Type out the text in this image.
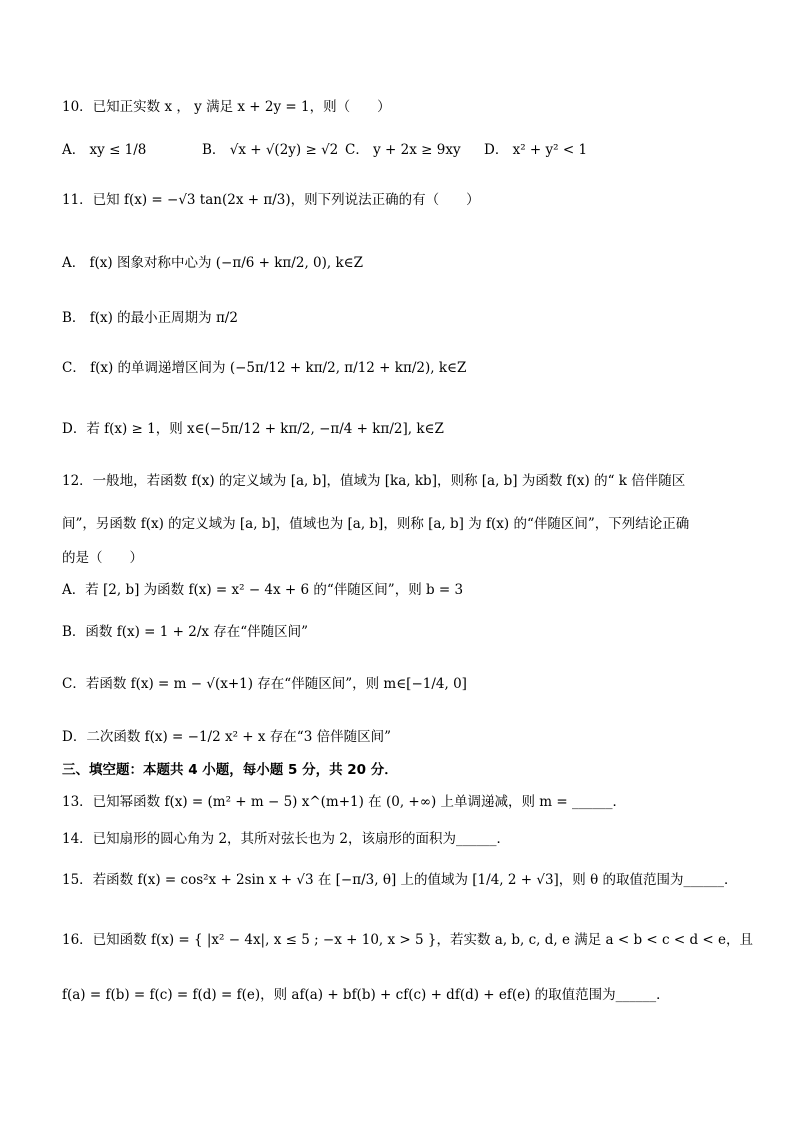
10．已知正实数 x ， y 满足 x + 2y = 1，则（　　）
A． xy ≤ 1/8	B． √x + √(2y) ≥ √2 C． y + 2x ≥ 9xy D． x² + y² < 1
11．已知 f(x) = −√3 tan(2x + π/3)，则下列说法正确的有（　　）
A． f(x) 图象对称中心为 (−π/6 + kπ/2, 0), k∈Z
B． f(x) 的最小正周期为 π/2
C． f(x) 的单调递增区间为 (−5π/12 + kπ/2, π/12 + kπ/2), k∈Z
D．若 f(x) ≥ 1，则 x∈(−5π/12 + kπ/2, −π/4 + kπ/2], k∈Z
12．一般地，若函数 f(x) 的定义域为 [a, b]，值域为 [ka, kb]，则称 [a, b] 为函数 f(x) 的“ k 倍伴随区
间”，另函数 f(x) 的定义域为 [a, b]，值域也为 [a, b]，则称 [a, b] 为 f(x) 的“伴随区间”，下列结论正确
的是（　　）
A．若 [2, b] 为函数 f(x) = x² − 4x + 6 的“伴随区间”，则 b = 3
B．函数 f(x) = 1 + 2/x 存在“伴随区间”
C．若函数 f(x) = m − √(x+1) 存在“伴随区间”，则 m∈[−1/4, 0]
D．二次函数 f(x) = −1/2 x² + x 存在“3 倍伴随区间”
三、填空题：本题共 4 小题，每小题 5 分，共 20 分．
13．已知幂函数 f(x) = (m² + m − 5) x^(m+1) 在 (0, +∞) 上单调递减，则 m = ______．
14．已知扇形的圆心角为 2，其所对弦长也为 2，该扇形的面积为______．
15．若函数 f(x) = cos²x + 2sin x + √3 在 [−π/3, θ] 上的值域为 [1/4, 2 + √3]，则 θ 的取值范围为______．
16．已知函数 f(x) = { |x² − 4x|, x ≤ 5 ; −x + 10, x > 5 }，若实数 a, b, c, d, e 满足 a < b < c < d < e，且
f(a) = f(b) = f(c) = f(d) = f(e)，则 af(a) + bf(b) + cf(c) + df(d) + ef(e) 的取值范围为______．
